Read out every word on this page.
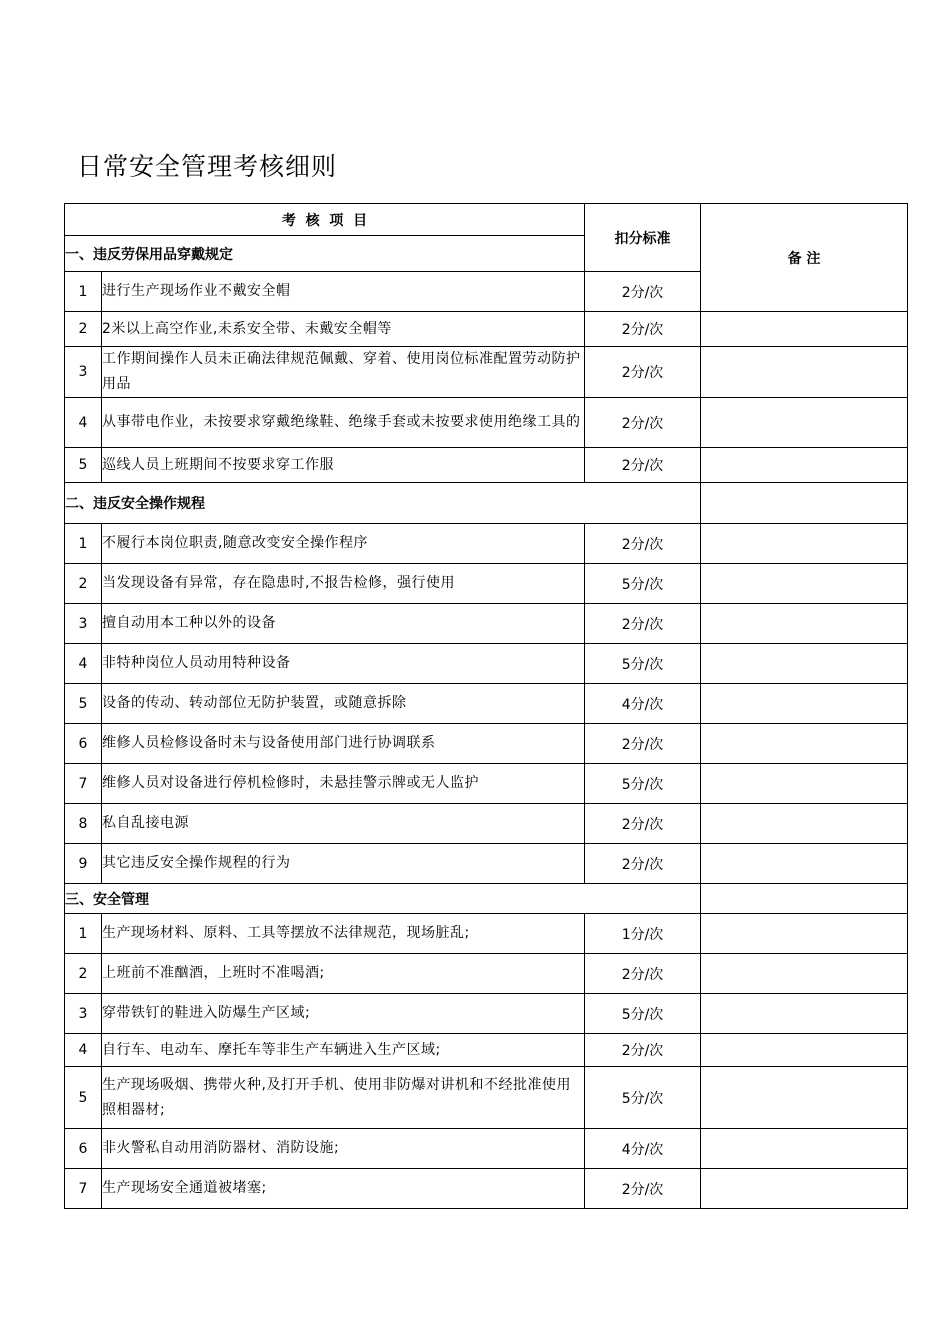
日常安全管理考核细则
考  核  项  目		扣分标准	备 注
一、违反劳保用品穿戴规定			
1	进行生产现场作业不戴安全帽	2分/次	
2	2米以上高空作业,未系安全带、未戴安全帽等	2分/次	
3	工作期间操作人员未正确法律规范佩戴、穿着、使用岗位标准配置劳动防护用品	2分/次	
4	从事带电作业，未按要求穿戴绝缘鞋、绝缘手套或未按要求使用绝缘工具的	2分/次	
5	巡线人员上班期间不按要求穿工作服	2分/次	
二、违反安全操作规程			
1	不履行本岗位职责,随意改变安全操作程序	2分/次	
2	当发现设备有异常，存在隐患时,不报告检修，强行使用	5分/次	
3	擅自动用本工种以外的设备	2分/次	
4	非特种岗位人员动用特种设备	5分/次	
5	设备的传动、转动部位无防护装置，或随意拆除	4分/次	
6	维修人员检修设备时未与设备使用部门进行协调联系	2分/次	
7	维修人员对设备进行停机检修时，未悬挂警示牌或无人监护	5分/次	
8	私自乱接电源	2分/次	
9	其它违反安全操作规程的行为	2分/次	
三、安全管理			
1	生产现场材料、原料、工具等摆放不法律规范，现场脏乱;	1分/次	
2	上班前不准酗酒，上班时不准喝酒;	2分/次	
3	穿带铁钉的鞋进入防爆生产区域;	5分/次	
4	自行车、电动车、摩托车等非生产车辆进入生产区域;	2分/次	
5	生产现场吸烟、携带火种,及打开手机、使用非防爆对讲机和不经批准使用照相器材;	5分/次	
6	非火警私自动用消防器材、消防设施;	4分/次	
7	生产现场安全通道被堵塞;	2分/次	
